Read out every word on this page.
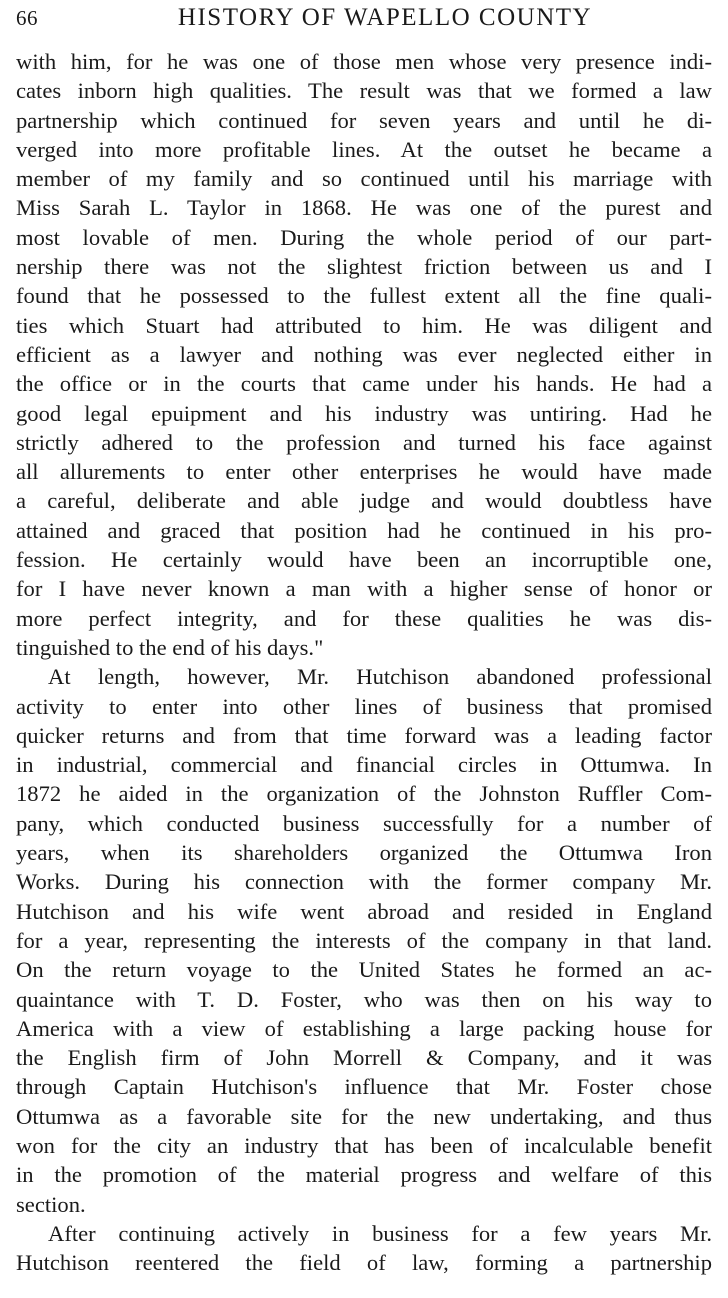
66	HISTORY OF WAPELLO COUNTY
with him, for he was one of those men whose very presence indi-
cates inborn high qualities. The result was that we formed a law
partnership which continued for seven years and until he di-
verged into more profitable lines. At the outset he became a
member of my family and so continued until his marriage with
Miss Sarah L. Taylor in 1868. He was one of the purest and
most lovable of men. During the whole period of our part-
nership there was not the slightest friction between us and I
found that he possessed to the fullest extent all the fine quali-
ties which Stuart had attributed to him. He was diligent and
efficient as a lawyer and nothing was ever neglected either in
the office or in the courts that came under his hands. He had a
good legal epuipment and his industry was untiring. Had he
strictly adhered to the profession and turned his face against
all allurements to enter other enterprises he would have made
a careful, deliberate and able judge and would doubtless have
attained and graced that position had he continued in his pro-
fession. He certainly would have been an incorruptible one,
for I have never known a man with a higher sense of honor or
more perfect integrity, and for these qualities he was dis-
tinguished to the end of his days."
At length, however, Mr. Hutchison abandoned professional
activity to enter into other lines of business that promised
quicker returns and from that time forward was a leading factor
in industrial, commercial and financial circles in Ottumwa. In
1872 he aided in the organization of the Johnston Ruffler Com-
pany, which conducted business successfully for a number of
years, when its shareholders organized the Ottumwa Iron
Works. During his connection with the former company Mr.
Hutchison and his wife went abroad and resided in England
for a year, representing the interests of the company in that land.
On the return voyage to the United States he formed an ac-
quaintance with T. D. Foster, who was then on his way to
America with a view of establishing a large packing house for
the English firm of John Morrell & Company, and it was
through Captain Hutchison's influence that Mr. Foster chose
Ottumwa as a favorable site for the new undertaking, and thus
won for the city an industry that has been of incalculable benefit
in the promotion of the material progress and welfare of this
section.
After continuing actively in business for a few years Mr.
Hutchison reentered the field of law, forming a partnership
